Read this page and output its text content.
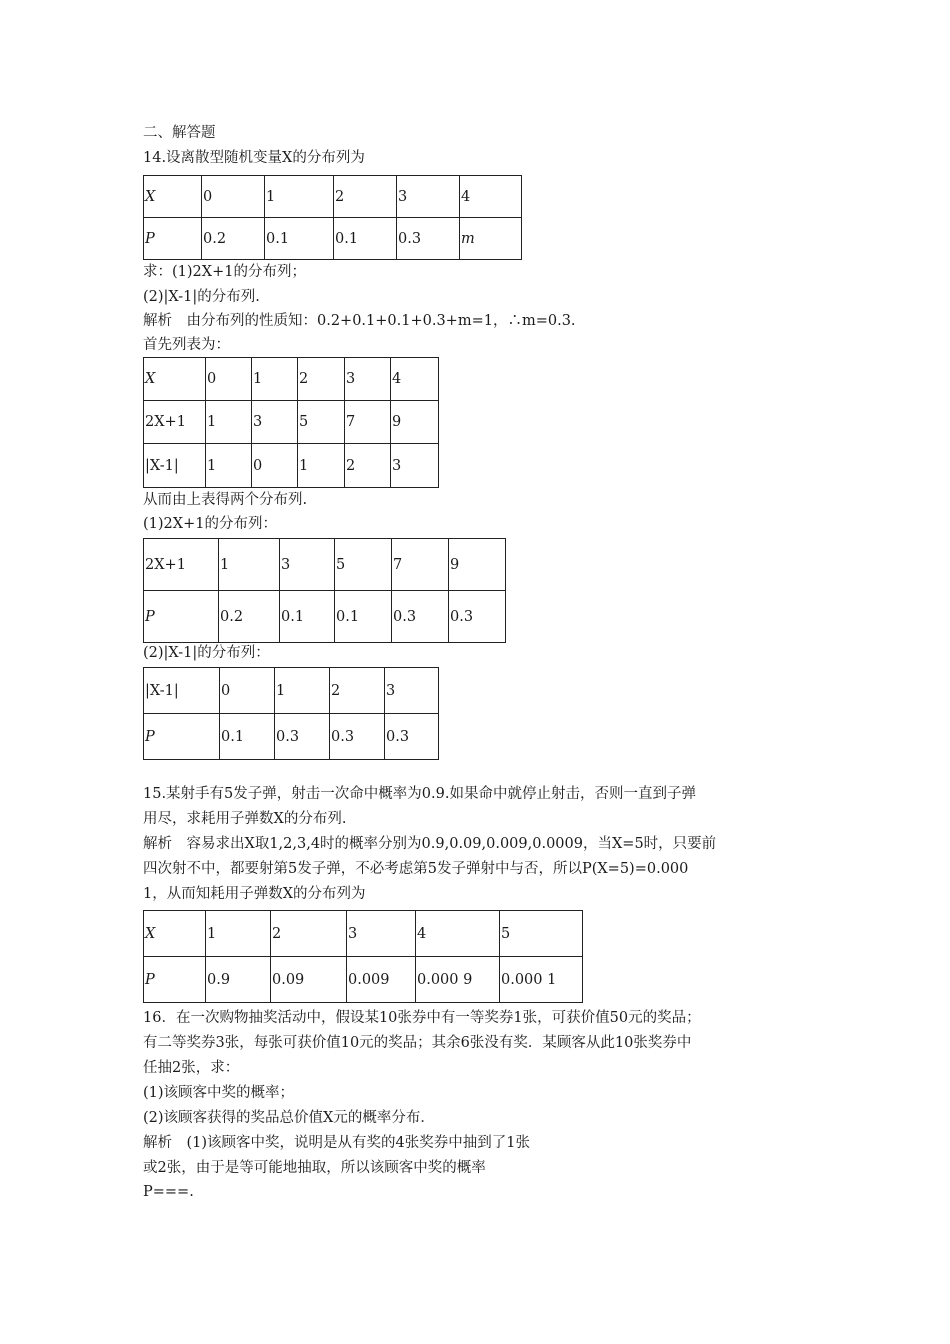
二、解答题
14.设离散型随机变量X的分布列为
X	0	1	2	3	4
P	0.2	0.1	0.1	0.3	m
求：(1)2X+1的分布列；
(2)|X-1|的分布列.
解析　由分布列的性质知：0.2+0.1+0.1+0.3+m=1，∴m=0.3.
首先列表为：
X	0	1	2	3	4
2X+1	1	3	5	7	9
|X-1|	1	0	1	2	3
从而由上表得两个分布列.
(1)2X+1的分布列：
2X+1	1	3	5	7	9
P	0.2	0.1	0.1	0.3	0.3
(2)|X-1|的分布列：
|X-1|	0	1	2	3
P	0.1	0.3	0.3	0.3
15.某射手有5发子弹，射击一次命中概率为0.9.如果命中就停止射击，否则一直到子弹
用尽，求耗用子弹数X的分布列.
解析　容易求出X取1,2,3,4时的概率分别为0.9,0.09,0.009,0.0009，当X=5时，只要前
四次射不中，都要射第5发子弹，不必考虑第5发子弹射中与否，所以P(X=5)=0.000
1，从而知耗用子弹数X的分布列为
X	1	2	3	4	5
P	0.9	0.09	0.009	0.000 9	0.000 1
16．在一次购物抽奖活动中，假设某10张券中有一等奖券1张，可获价值50元的奖品；
有二等奖券3张，每张可获价值10元的奖品；其余6张没有奖．某顾客从此10张奖券中
任抽2张，求：
(1)该顾客中奖的概率；
(2)该顾客获得的奖品总价值X元的概率分布．
解析　(1)该顾客中奖，说明是从有奖的4张奖券中抽到了1张
或2张，由于是等可能地抽取，所以该顾客中奖的概率
P===.
